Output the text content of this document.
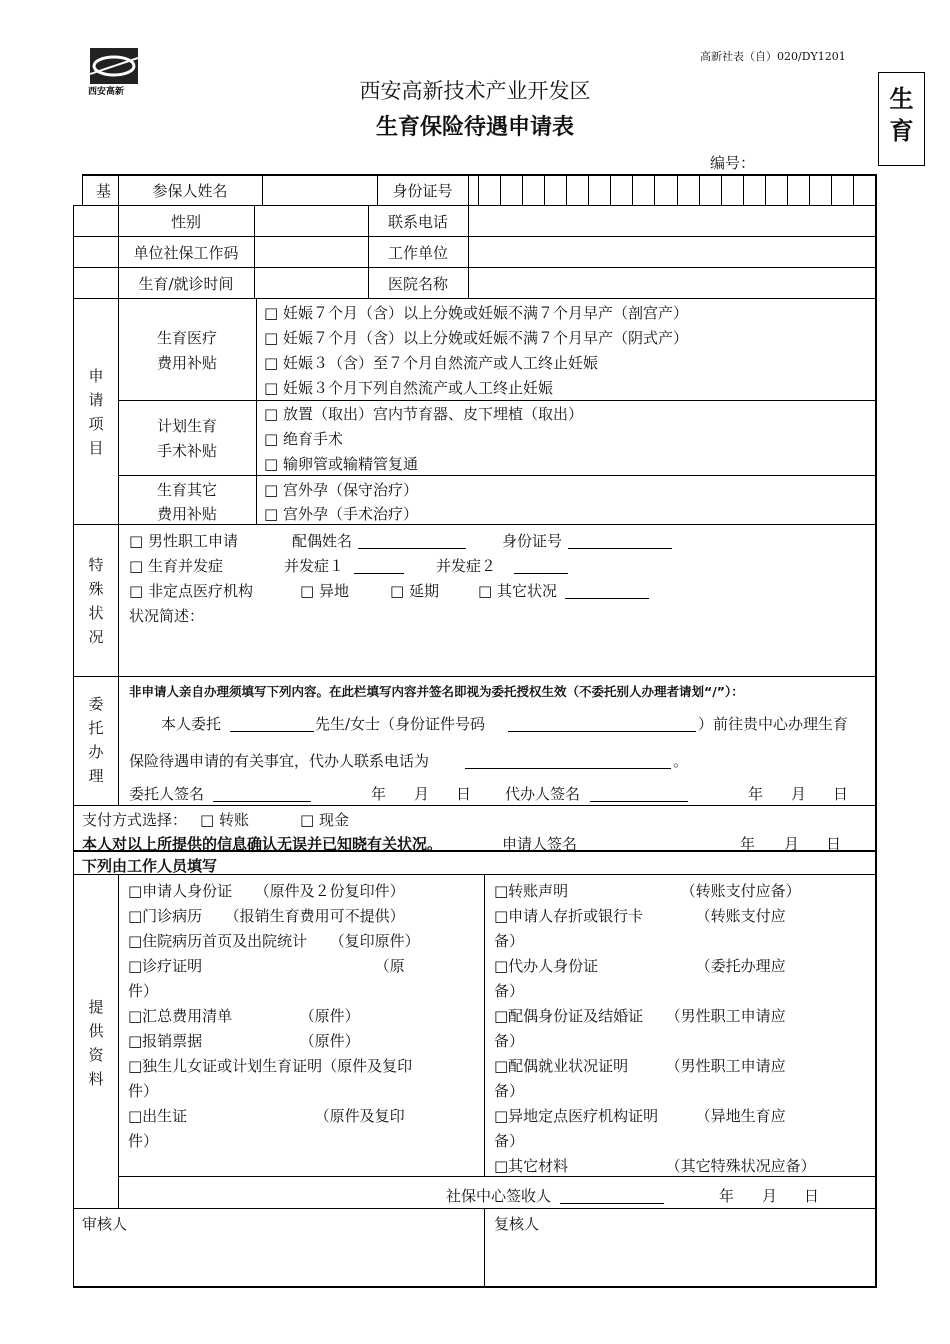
西安高新
高新社表（自）020/DY1201
西安高新技术产业开发区
生育保险待遇申请表
生
育
编号：
基	参保人姓名	身份证号
性别	联系电话
单位社保工作码	工作单位
生育/就诊时间	医院名称
申
请
项
目
生育医疗
费用补贴
□ 妊娠７个月（含）以上分娩或妊娠不满７个月早产（剖宫产）
□ 妊娠７个月（含）以上分娩或妊娠不满７个月早产（阴式产）
□ 妊娠３（含）至７个月自然流产或人工终止妊娠
□ 妊娠３个月下列自然流产或人工终止妊娠
计划生育
手术补贴
□ 放置（取出）宫内节育器、皮下埋植（取出）
□ 绝育手术
□ 输卵管或输精管复通
生育其它
费用补贴
□ 宫外孕（保守治疗）
□ 宫外孕（手术治疗）
特
殊
状
况
□ 男性职工申请	配偶姓名	身份证号
□ 生育并发症	并发症１	并发症２
□ 非定点医疗机构	□ 异地	□ 延期	□ 其它状况
状况简述：
委
托
办
理
非申请人亲自办理须填写下列内容。在此栏填写内容并签名即视为委托授权生效（不委托别人办理者请划“/”）：
本人委托	先生/女士（身份证件号码	）前往贵中心办理生育
保险待遇申请的有关事宜，代办人联系电话为	。
委托人签名	年 月 日 代办人签名	年 月 日
支付方式选择： □ 转账	□ 现金
本人对以上所提供的信息确认无误并已知晓有关状况。	申请人签名	年 月 日
下列由工作人员填写
提
供
资
料
□申请人身份证　　（原件及２份复印件）
□门诊病历　　（报销生育费用可不提供）
□住院病历首页及出院统计　　（复印原件）
□诊疗证明　　　　　　　　　　　　（原
件）
□汇总费用清单　　　　　（原件）
□报销票据　　　　　　　（原件）
□独生儿女证或计划生育证明（原件及复印
件）
□出生证　　　　　　　　　（原件及复印
件）
□转账声明　　　　　　　　（转账支付应备）
□申请人存折或银行卡　　　　（转账支付应
备）
□代办人身份证　　　　　　　（委托办理应
备）
□配偶身份证及结婚证　　（男性职工申请应
备）
□配偶就业状况证明　　　（男性职工申请应
备）
□异地定点医疗机构证明　　　（异地生育应
备）
□其它材料　　　　　　　（其它特殊状况应备）
社保中心签收人	年 月 日
审核人	复核人
